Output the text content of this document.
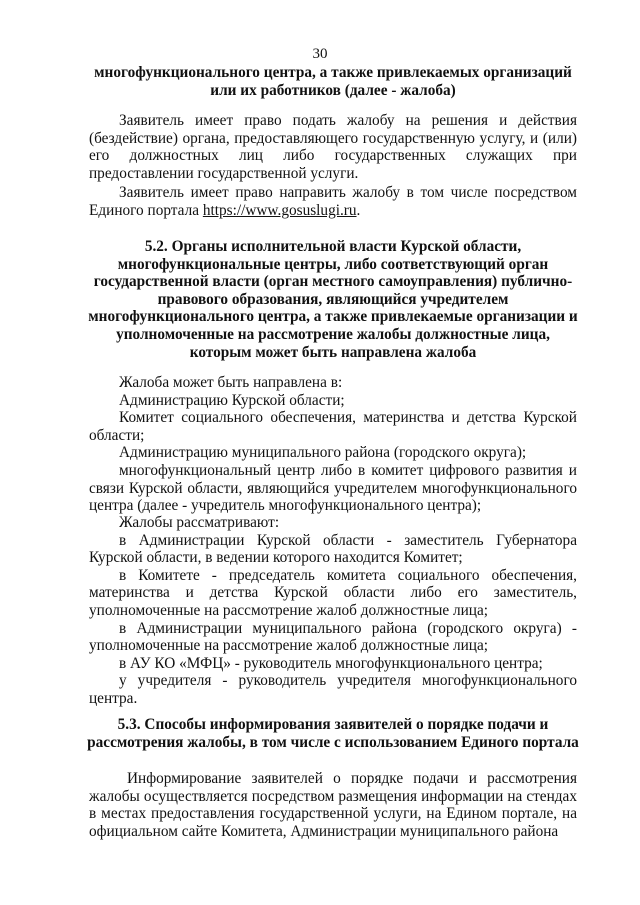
30

многофункционального центра, а также привлекаемых организаций

или их работников (далее - жалоба)

Заявитель имеет право подать жалобу на решения и действия (бездействие) органа, предоставляющего государственную услугу, и (или) его должностных лиц либо государственных служащих при предоставлении государственной услуги.

Заявитель имеет право направить жалобу в том числе посредством Единого портала https://www.gosuslugi.ru.

5.2. Органы исполнительной власти Курской области,

многофункциональные центры, либо соответствующий орган

государственной власти (орган местного самоуправления) публично-

правового образования, являющийся учредителем

многофункционального центра, а также привлекаемые организации и

уполномоченные на рассмотрение жалобы должностные лица,

которым может быть направлена жалоба

Жалоба может быть направлена в:

Администрацию Курской области;

Комитет социального обеспечения, материнства и детства Курской области;

Администрацию муниципального района (городского округа);

многофункциональный центр либо в комитет цифрового развития и связи Курской области, являющийся учредителем многофункционального центра (далее - учредитель многофункционального центра);

Жалобы рассматривают:

в Администрации Курской области - заместитель Губернатора Курской области, в ведении которого находится Комитет;

в Комитете - председатель комитета социального обеспечения, материнства и детства Курской области либо его заместитель, уполномоченные на рассмотрение жалоб должностные лица;

в Администрации муниципального района (городского округа) - уполномоченные на рассмотрение жалоб должностные лица;

в АУ КО «МФЦ» - руководитель многофункционального центра;

у учредителя - руководитель учредителя многофункционального центра.

5.3. Способы информирования заявителей о порядке подачи и

рассмотрения жалобы, в том числе с использованием Единого портала

Информирование заявителей о порядке подачи и рассмотрения жалобы осуществляется посредством размещения информации на стендах в местах предоставления государственной услуги, на Едином портале, на официальном сайте Комитета, Администрации муниципального района
